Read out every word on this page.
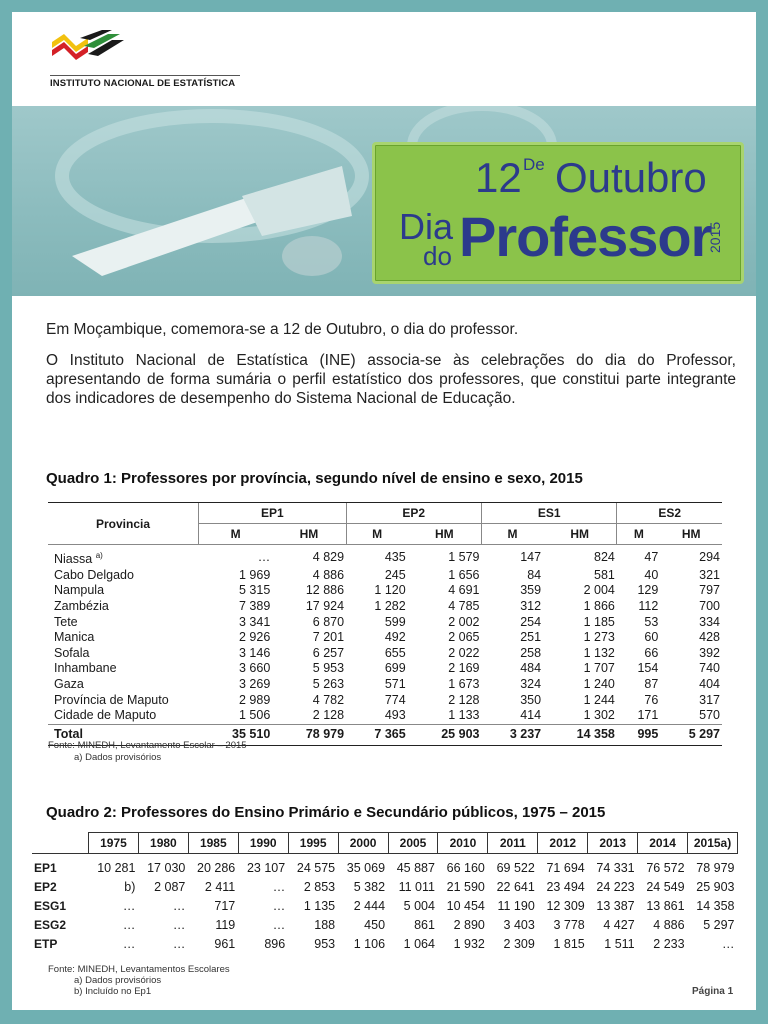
INSTITUTO NACIONAL DE ESTATÍSTICA
12 De Outubro
Dia
do Professor
2015

Em Moçambique, comemora-se a 12 de Outubro, o dia do professor.

O Instituto Nacional de Estatística (INE) associa-se às celebrações do dia do Professor, apresentando de forma sumária o perfil estatístico dos professores, que constitui parte integrante dos indicadores de desempenho do Sistema Nacional de Educação.

Quadro 1: Professores por província, segundo nível de ensino e sexo, 2015
Provincia	EP1		EP2		ES1		ES2	
	M	HM	M	HM	M	HM	M	HM
Niassa $^{a)}$	…	4 829	435	1 579	147	824	47	294
Cabo Delgado	1 969	4 886	245	1 656	84	581	40	321
Nampula	5 315	12 886	1 120	4 691	359	2 004	129	797
Zambézia	7 389	17 924	1 282	4 785	312	1 866	112	700
Tete	3 341	6 870	599	2 002	254	1 185	53	334
Manica	2 926	7 201	492	2 065	251	1 273	60	428
Sofala	3 146	6 257	655	2 022	258	1 132	66	392
Inhambane	3 660	5 953	699	2 169	484	1 707	154	740
Gaza	3 269	5 263	571	1 673	324	1 240	87	404
Província de Maputo	2 989	4 782	774	2 128	350	1 244	76	317
Cidade de Maputo	1 506	2 128	493	1 133	414	1 302	171	570
Total	35 510	78 979	7 365	25 903	3 237	14 358	995	5 297
Fonte: MINEDH, Levantamento Escolar – 2015
a) Dados provisórios
Quadro 2: Professores do Ensino Primário e Secundário públicos, 1975 – 2015
	1975	1980	1985	1990	1995	2000	2005	2010	2011	2012	2013	2014	2015a)
EP1	10 281	17 030	20 286	23 107	24 575	35 069	45 887	66 160	69 522	71 694	74 331	76 572	78 979
EP2	b)	2 087	2 411	…	2 853	5 382	11 011	21 590	22 641	23 494	24 223	24 549	25 903
ESG1	…	…	717	…	1 135	2 444	5 004	10 454	11 190	12 309	13 387	13 861	14 358
ESG2	…	…	119	…	188	450	861	2 890	3 403	3 778	4 427	4 886	5 297
ETP	…	…	961	896	953	1 106	1 064	1 932	2 309	1 815	1 511	2 233	…
Fonte: MINEDH, Levantamentos Escolares
a) Dados provisórios
b) Incluído no Ep1	Página 1
